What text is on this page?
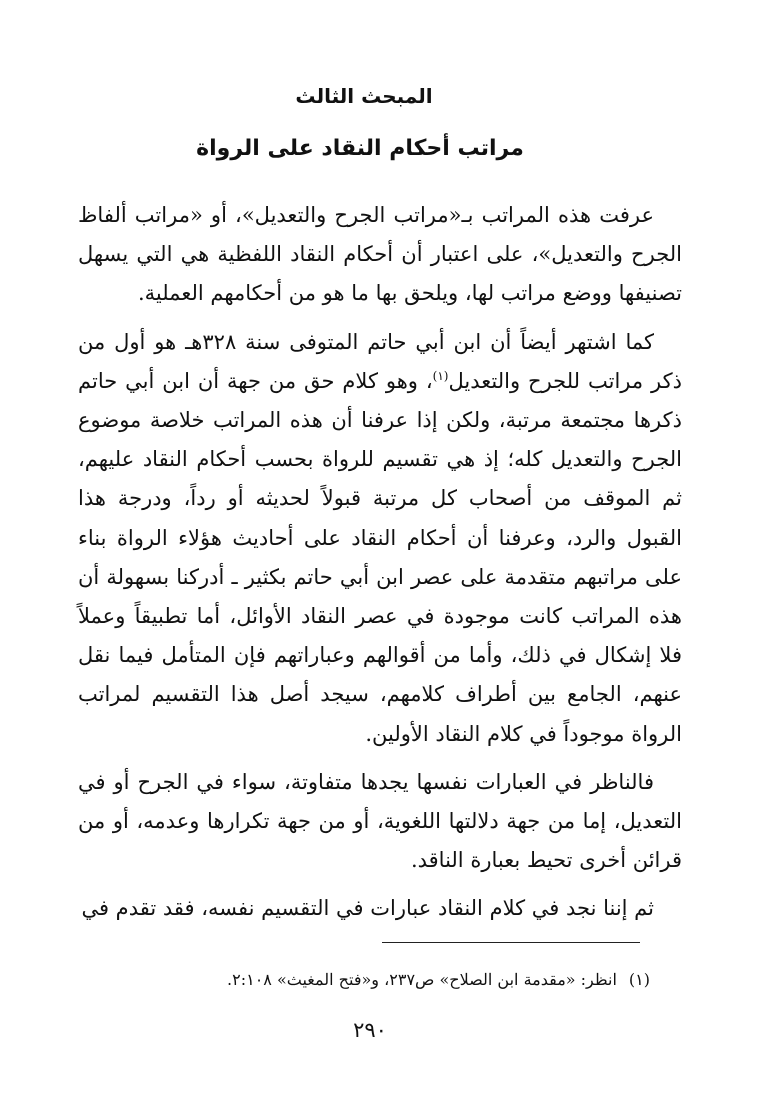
المبحث الثالث
مراتب أحكام النقاد على الرواة

عرفت هذه المراتب بـ«مراتب الجرح والتعديل»، أو «مراتب ألفاظ الجرح والتعديل»، على اعتبار أن أحكام النقاد اللفظية هي التي يسهل تصنيفها ووضع مراتب لها، ويلحق بها ما هو من أحكامهم العملية.

كما اشتهر أيضاً أن ابن أبي حاتم المتوفى سنة ٣٢٨هـ هو أول من ذكر مراتب للجرح والتعديل$^{(١)}$، وهو كلام حق من جهة أن ابن أبي حاتم ذكرها مجتمعة مرتبة، ولكن إذا عرفنا أن هذه المراتب خلاصة موضوع الجرح والتعديل كله؛ إذ هي تقسيم للرواة بحسب أحكام النقاد عليهم، ثم الموقف من أصحاب كل مرتبة قبولاً لحديثه أو رداً، ودرجة هذا القبول والرد، وعرفنا أن أحكام النقاد على أحاديث هؤلاء الرواة بناء على مراتبهم متقدمة على عصر ابن أبي حاتم بكثير ـ أدركنا بسهولة أن هذه المراتب كانت موجودة في عصر النقاد الأوائل، أما تطبيقاً وعملاً فلا إشكال في ذلك، وأما من أقوالهم وعباراتهم فإن المتأمل فيما نقل عنهم، الجامع بين أطراف كلامهم، سيجد أصل هذا التقسيم لمراتب الرواة موجوداً في كلام النقاد الأولين.

فالناظر في العبارات نفسها يجدها متفاوتة، سواء في الجرح أو في التعديل، إما من جهة دلالتها اللغوية، أو من جهة تكرارها وعدمه، أو من قرائن أخرى تحيط بعبارة الناقد.

ثم إننا نجد في كلام النقاد عبارات في التقسيم نفسه، فقد تقدم في

(١)انظر: «مقدمة ابن الصلاح» ص٢٣٧، و«فتح المغيث» ٢:١٠٨.
٢٩٠
